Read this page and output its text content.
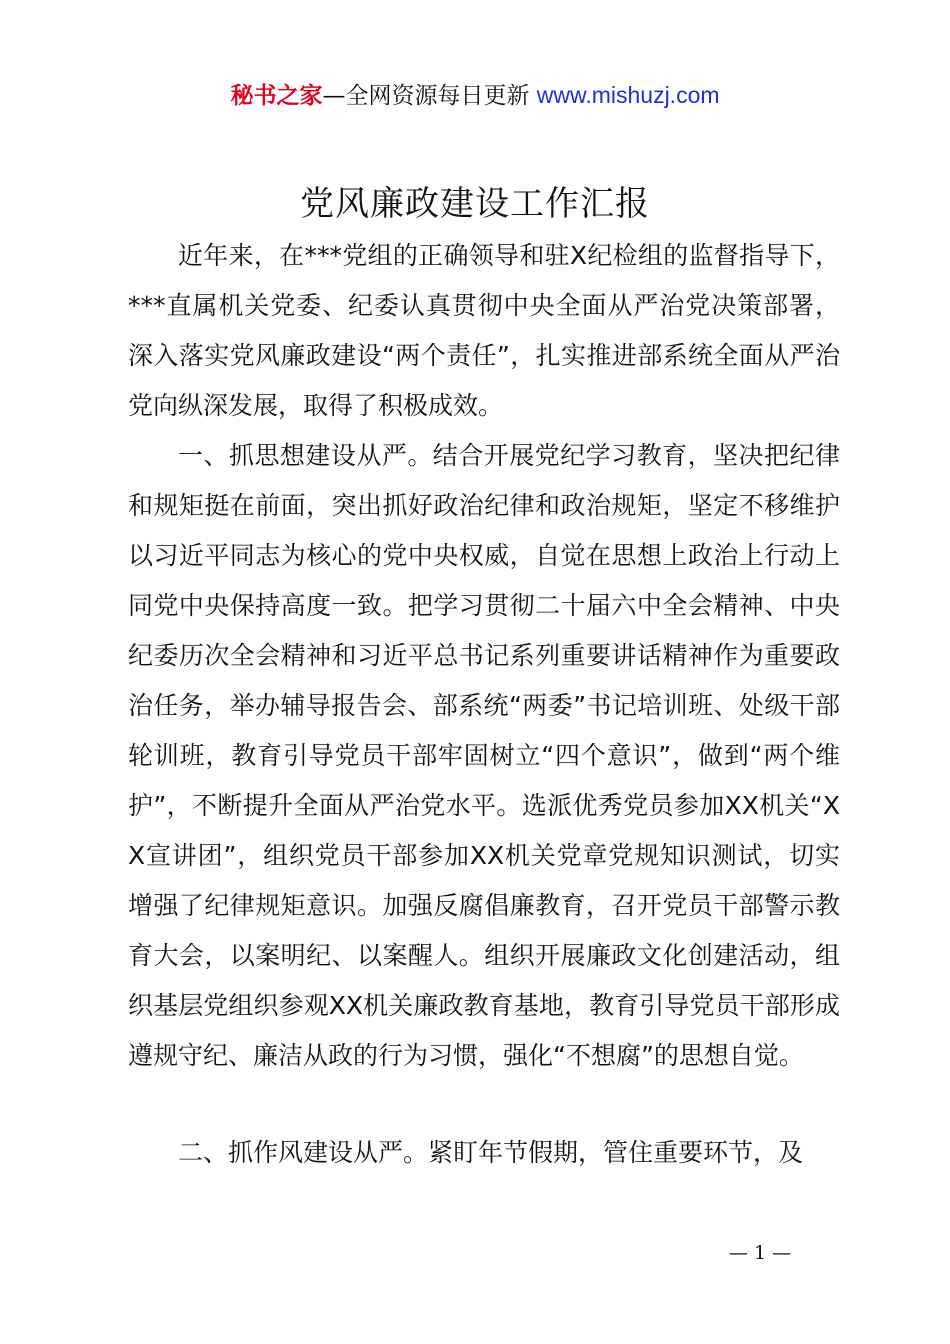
秘书之家—全网资源每日更新 www.mishuzj.com
党风廉政建设工作汇报

近年来，在***党组的正确领导和驻X纪检组的监督指导下，***直属机关党委、纪委认真贯彻中央全面从严治党决策部署，深入落实党风廉政建设“两个责任”，扎实推进部系统全面从严治党向纵深发展，取得了积极成效。

一、抓思想建设从严。结合开展党纪学习教育，坚决把纪律和规矩挺在前面，突出抓好政治纪律和政治规矩，坚定不移维护以习近平同志为核心的党中央权威，自觉在思想上政治上行动上同党中央保持高度一致。把学习贯彻二十届六中全会精神、中央纪委历次全会精神和习近平总书记系列重要讲话精神作为重要政治任务，举办辅导报告会、部系统“两委”书记培训班、处级干部轮训班，教育引导党员干部牢固树立“四个意识”，做到“两个维护”，不断提升全面从严治党水平。选派优秀党员参加XX机关“XX宣讲团”，组织党员干部参加XX机关党章党规知识测试，切实增强了纪律规矩意识。加强反腐倡廉教育，召开党员干部警示教育大会，以案明纪、以案醒人。组织开展廉政文化创建活动，组织基层党组织参观XX机关廉政教育基地，教育引导党员干部形成遵规守纪、廉洁从政的行为习惯，强化“不想腐”的思想自觉。

二、抓作风建设从严。紧盯年节假期，管住重要环节，及

— 1 —
